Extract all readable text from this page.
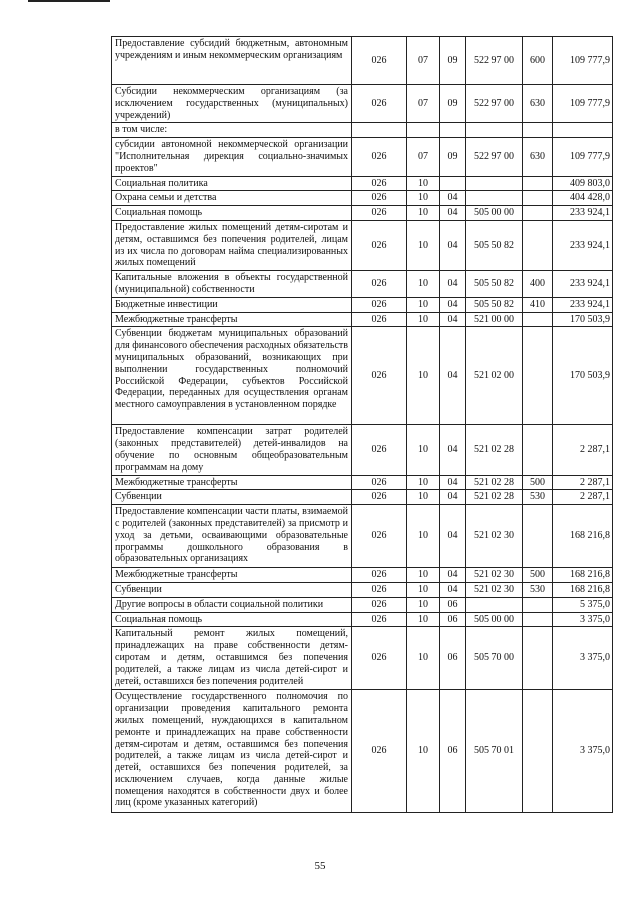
Предоставление субсидий бюджетным, автономным учреждениям и иным некоммерческим организациям	026	07	09	522 97 00	600	109 777,9
Субсидии некоммерческим организациям (за исключением государственных (муниципальных) учреждений)	026	07	09	522 97 00	630	109 777,9
в том числе:						
субсидии автономной некоммерческой организации "Исполнительная дирекция социально-значимых проектов"	026	07	09	522 97 00	630	109 777,9
Социальная политика	026	10				409 803,0
Охрана семьи и детства	026	10	04			404 428,0
Социальная помощь	026	10	04	505 00 00		233 924,1
Предоставление жилых помещений детям-сиротам и детям, оставшимся без попечения родителей, лицам из их числа по договорам найма специализированных жилых помещений	026	10	04	505 50 82		233 924,1
Капитальные вложения в объекты государственной (муниципальной) собственности	026	10	04	505 50 82	400	233 924,1
Бюджетные инвестиции	026	10	04	505 50 82	410	233 924,1
Межбюджетные трансферты	026	10	04	521 00 00		170 503,9
Субвенции бюджетам муниципальных образований для финансового обеспечения расходных обязательств муниципальных образований, возникающих при выполнении государственных полномочий Российской Федерации, субъектов Российской Федерации, переданных для осуществления органам местного самоуправления в установленном порядке	026	10	04	521 02 00		170 503,9
Предоставление компенсации затрат родителей (законных представителей) детей-инвалидов на обучение по основным общеобразовательным программам на дому	026	10	04	521 02 28		2 287,1
Межбюджетные трансферты	026	10	04	521 02 28	500	2 287,1
Субвенции	026	10	04	521 02 28	530	2 287,1
Предоставление компенсации части платы, взимаемой с родителей (законных представителей) за присмотр и уход за детьми, осваивающими образовательные программы дошкольного образования в образовательных организациях	026	10	04	521 02 30		168 216,8
Межбюджетные трансферты	026	10	04	521 02 30	500	168 216,8
Субвенции	026	10	04	521 02 30	530	168 216,8
Другие вопросы в области социальной политики	026	10	06			5 375,0
Социальная помощь	026	10	06	505 00 00		3 375,0
Капитальный ремонт жилых помещений, принадлежащих на праве собственности детям-сиротам и детям, оставшимся без попечения родителей, а также лицам из числа детей-сирот и детей, оставшихся без попечения родителей	026	10	06	505 70 00		3 375,0
Осуществление государственного полномочия по организации проведения капитального ремонта жилых помещений, нуждающихся в капитальном ремонте и принадлежащих на праве собственности детям-сиротам и детям, оставшимся без попечения родителей, а также лицам из числа детей-сирот и детей, оставшихся без попечения родителей, за исключением случаев, когда данные жилые помещения находятся в собственности двух и более лиц (кроме указанных категорий)	026	10	06	505 70 01		3 375,0
55
